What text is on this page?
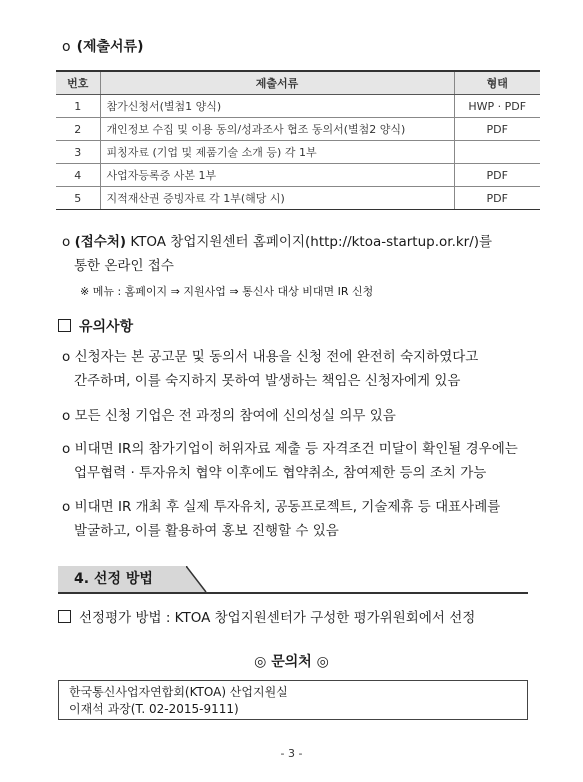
o (제출서류)
번호	제출서류	형태
1	참가신청서(별첨1 양식)	HWP · PDF
2	개인정보 수집 및 이용 동의/성과조사 협조 동의서(별첨2 양식)	PDF
3	피칭자료 (기업 및 제품기술 소개 등) 각 1부	
4	사업자등록증 사본 1부	PDF
5	지적재산권 증빙자료 각 1부(해당 시)	PDF
o (접수처) KTOA 창업지원센터 홈페이지(http://ktoa-startup.or.kr/)를
통한 온라인 접수
※ 메뉴 : 홈페이지 ⇒ 지원사업 ⇒ 통신사 대상 비대면 IR 신청
유의사항
o 신청자는 본 공고문 및 동의서 내용을 신청 전에 완전히 숙지하였다고
간주하며, 이를 숙지하지 못하여 발생하는 책임은 신청자에게 있음
o 모든 신청 기업은 전 과정의 참여에 신의성실 의무 있음
o 비대면 IR의 참가기업이 허위자료 제출 등 자격조건 미달이 확인될 경우에는
업무협력 · 투자유치 협약 이후에도 협약취소, 참여제한 등의 조치 가능
o 비대면 IR 개최 후 실제 투자유치, 공동프로젝트, 기술제휴 등 대표사례를
발굴하고, 이를 활용하여 홍보 진행할 수 있음
4. 선정 방법
선정평가 방법 : KTOA 창업지원센터가 구성한 평가위원회에서 선정
◎ 문의처 ◎
한국통신사업자연합회(KTOA) 산업지원실
이재석 과장(T. 02-2015-9111)
- 3 -
